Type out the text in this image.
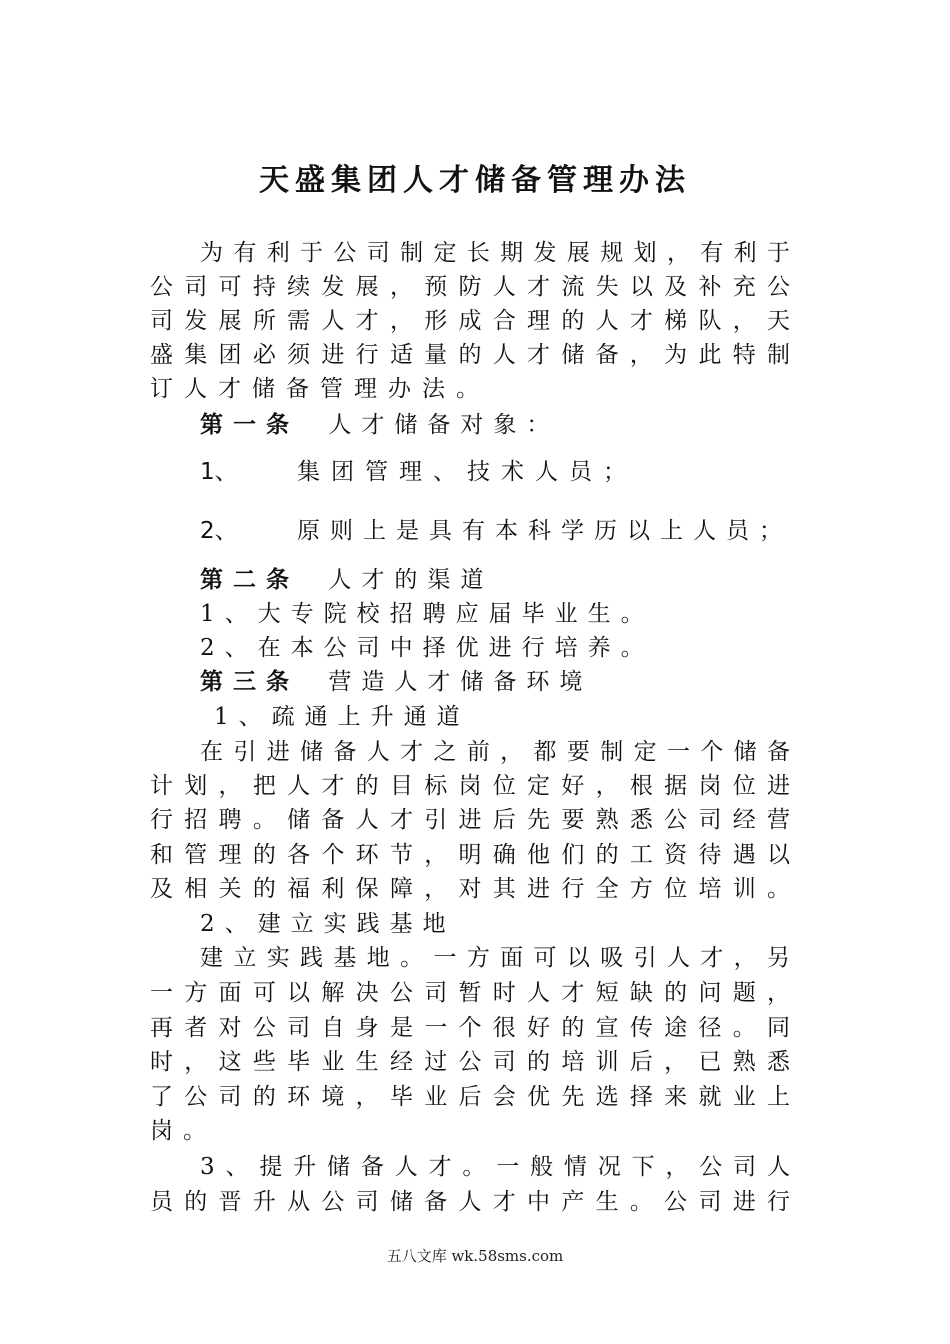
天盛集团人才储备管理办法
为有利于公司制定长期发展规划，有利于
公司可持续发展，预防人才流失以及补充公
司发展所需人才，形成合理的人才梯队，天
盛集团必须进行适量的人才储备，为此特制
订人才储备管理办法。
第一条 人才储备对象：
1、	集团管理、技术人员；
2、	原则上是具有本科学历以上人员；
第二条 人才的渠道
1、大专院校招聘应届毕业生。
2、在本公司中择优进行培养。
第三条 营造人才储备环境
1、疏通上升通道
在引进储备人才之前，都要制定一个储备
计划，把人才的目标岗位定好，根据岗位进
行招聘。储备人才引进后先要熟悉公司经营
和管理的各个环节，明确他们的工资待遇以
及相关的福利保障，对其进行全方位培训。
2、建立实践基地
建立实践基地。一方面可以吸引人才，另
一方面可以解决公司暂时人才短缺的问题，
再者对公司自身是一个很好的宣传途径。同
时，这些毕业生经过公司的培训后，已熟悉
了公司的环境，毕业后会优先选择来就业上
岗。
3、提升储备人才。一般情况下，公司人
员的晋升从公司储备人才中产生。公司进行
五八文库 wk.58sms.com
